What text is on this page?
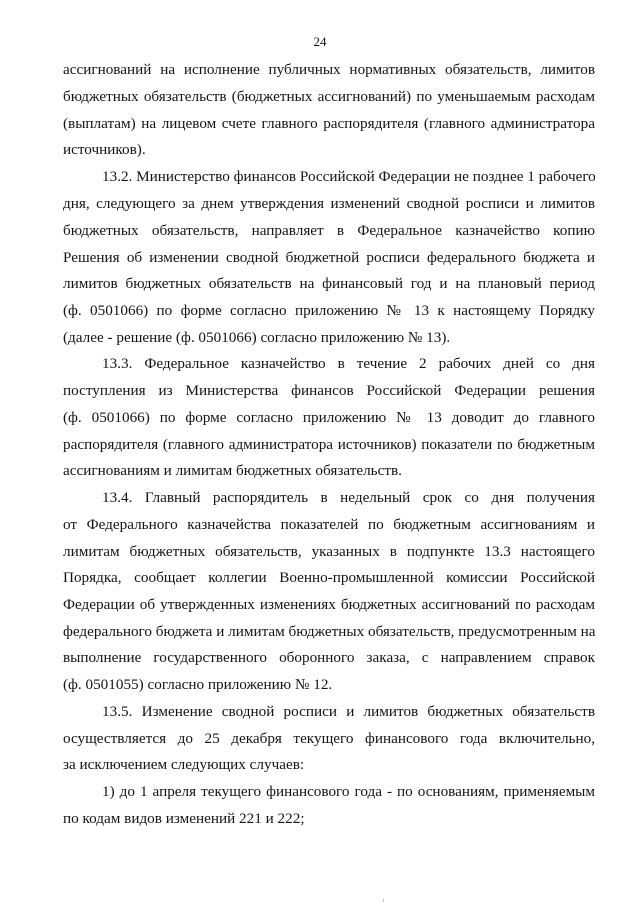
24
ассигнований на исполнение публичных нормативных обязательств, лимитов
бюджетных обязательств (бюджетных ассигнований) по уменьшаемым расходам
(выплатам) на лицевом счете главного распорядителя (главного администратора
источников).
13.2. Министерство финансов Российской Федерации не позднее 1 рабочего
дня, следующего за днем утверждения изменений сводной росписи и лимитов
бюджетных обязательств, направляет в Федеральное казначейство копию
Решения об изменении сводной бюджетной росписи федерального бюджета и
лимитов бюджетных обязательств на финансовый год и на плановый период
(ф. 0501066) по форме согласно приложению № 13 к настоящему Порядку
(далее - решение (ф. 0501066) согласно приложению № 13).
13.3. Федеральное казначейство в течение 2 рабочих дней со дня
поступления из Министерства финансов Российской Федерации решения
(ф. 0501066) по форме согласно приложению № 13 доводит до главного
распорядителя (главного администратора источников) показатели по бюджетным
ассигнованиям и лимитам бюджетных обязательств.
13.4. Главный распорядитель в недельный срок со дня получения
от Федерального казначейства показателей по бюджетным ассигнованиям и
лимитам бюджетных обязательств, указанных в подпункте 13.3 настоящего
Порядка, сообщает коллегии Военно-промышленной комиссии Российской
Федерации об утвержденных изменениях бюджетных ассигнований по расходам
федерального бюджета и лимитам бюджетных обязательств, предусмотренным на
выполнение государственного оборонного заказа, с направлением справок
(ф. 0501055) согласно приложению № 12.
13.5. Изменение сводной росписи и лимитов бюджетных обязательств
осуществляется до 25 декабря текущего финансового года включительно,
за исключением следующих случаев:
1) до 1 апреля текущего финансового года - по основаниям, применяемым
по кодам видов изменений 221 и 222;
